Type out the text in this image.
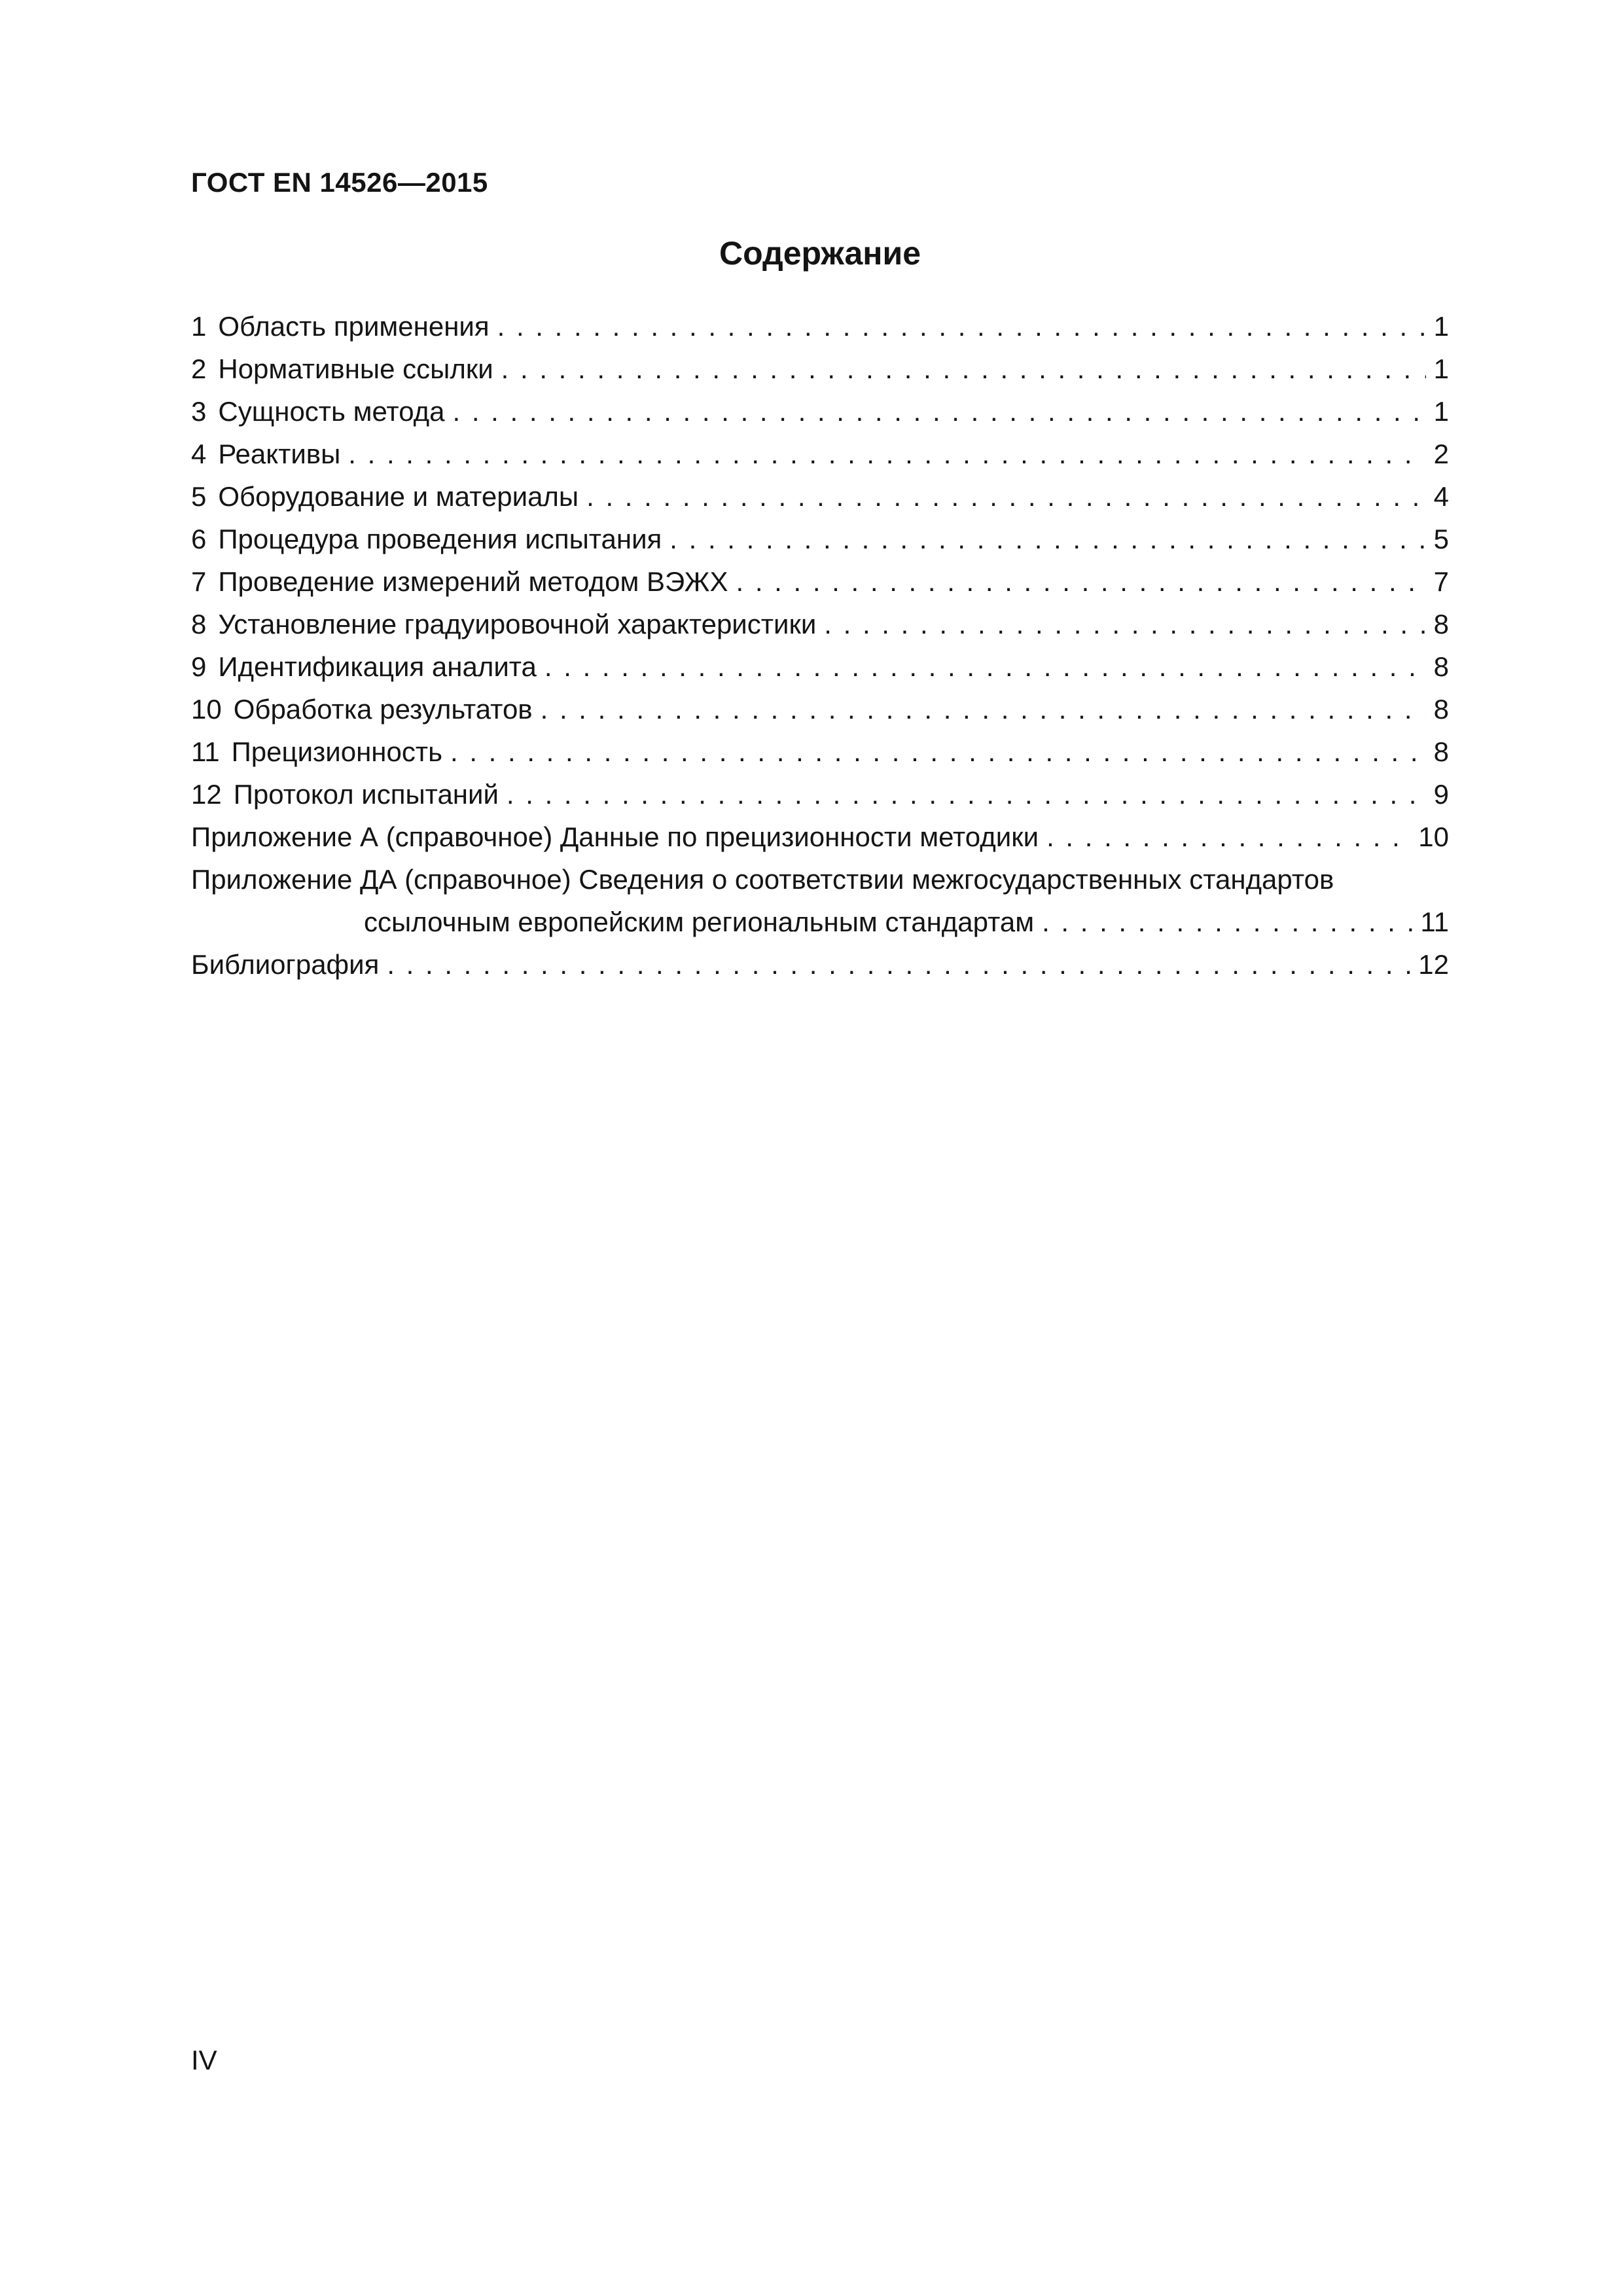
ГОСТ EN 14526—2015
Содержание
1 Область применения . . .	1
2 Нормативные ссылки . . .	1
3 Сущность метода . . .	1
4 Реактивы . . .	2
5 Оборудование и материалы . . .	4
6 Процедура проведения испытания . . .	5
7 Проведение измерений методом ВЭЖХ . . .	7
8 Установление градуировочной характеристики . . .	8
9 Идентификация аналита . . .	8
10 Обработка результатов . . .	8
11 Прецизионность . . .	8
12 Протокол испытаний . . .	9
Приложение А (справочное) Данные по прецизионности методики . . .	10
Приложение ДА (справочное) Сведения о соответствии межгосударственных стандартов
ссылочным европейским региональным стандартам . . .	11
Библиография . . .	12
IV
